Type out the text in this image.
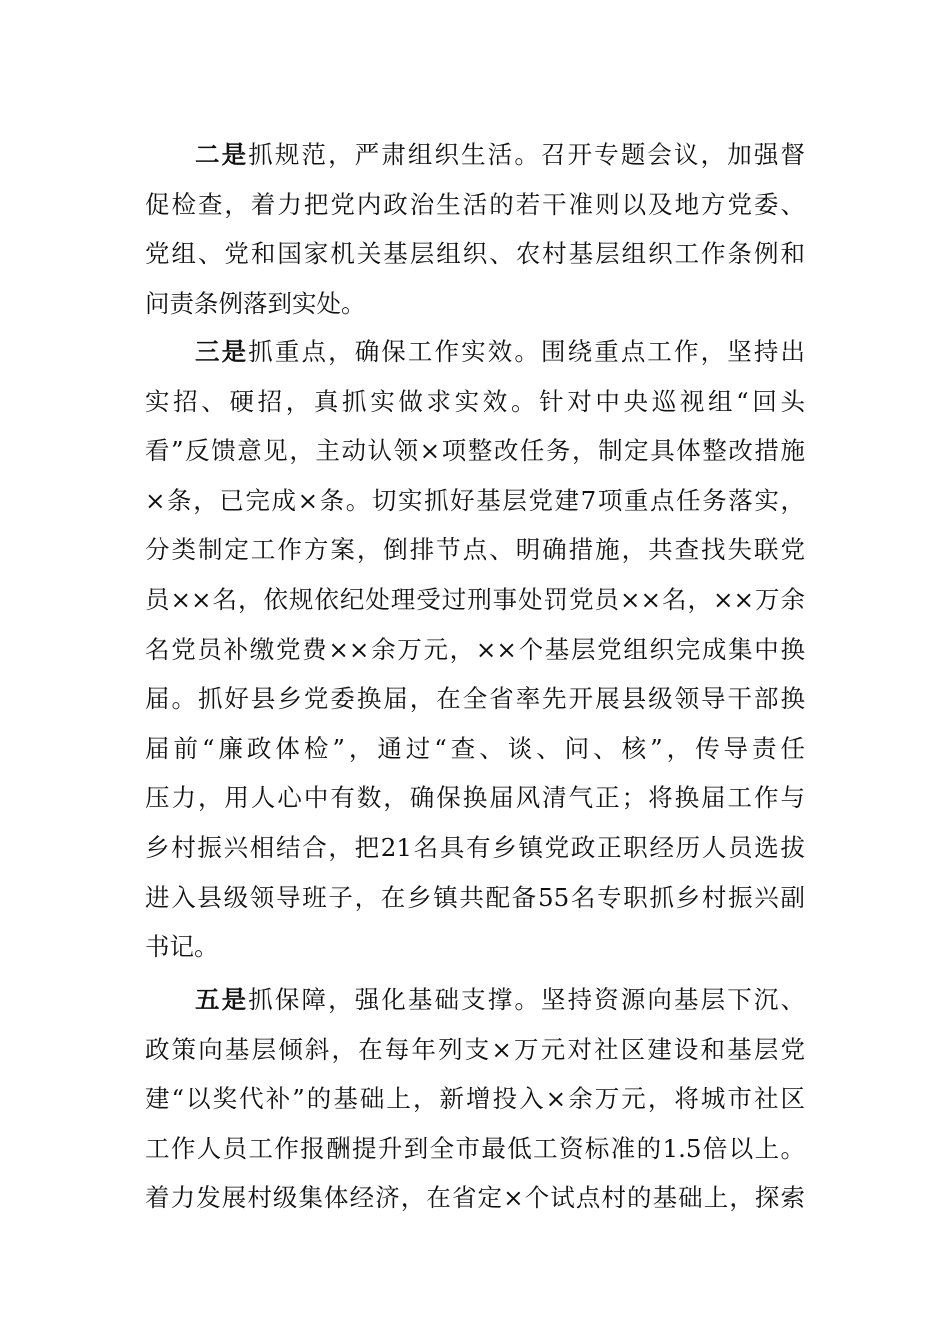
二是抓规范，严肃组织生活。召开专题会议，加强督
促检查，着力把党内政治生活的若干准则以及地方党委、
党组、党和国家机关基层组织、农村基层组织工作条例和
问责条例落到实处。
三是抓重点，确保工作实效。围绕重点工作，坚持出
实招、硬招，真抓实做求实效。针对中央巡视组“回头
看”反馈意见，主动认领×项整改任务，制定具体整改措施
×条，已完成×条。切实抓好基层党建7项重点任务落实，
分类制定工作方案，倒排节点、明确措施，共查找失联党
员××名，依规依纪处理受过刑事处罚党员××名，××万余
名党员补缴党费××余万元，××个基层党组织完成集中换
届。抓好县乡党委换届，在全省率先开展县级领导干部换
届前“廉政体检”，通过“查、谈、问、核”，传导责任
压力，用人心中有数，确保换届风清气正；将换届工作与
乡村振兴相结合，把21名具有乡镇党政正职经历人员选拔
进入县级领导班子，在乡镇共配备55名专职抓乡村振兴副
书记。
五是抓保障，强化基础支撑。坚持资源向基层下沉、
政策向基层倾斜，在每年列支×万元对社区建设和基层党
建“以奖代补”的基础上，新增投入×余万元，将城市社区
工作人员工作报酬提升到全市最低工资标准的1.5倍以上。
着力发展村级集体经济，在省定×个试点村的基础上，探索
